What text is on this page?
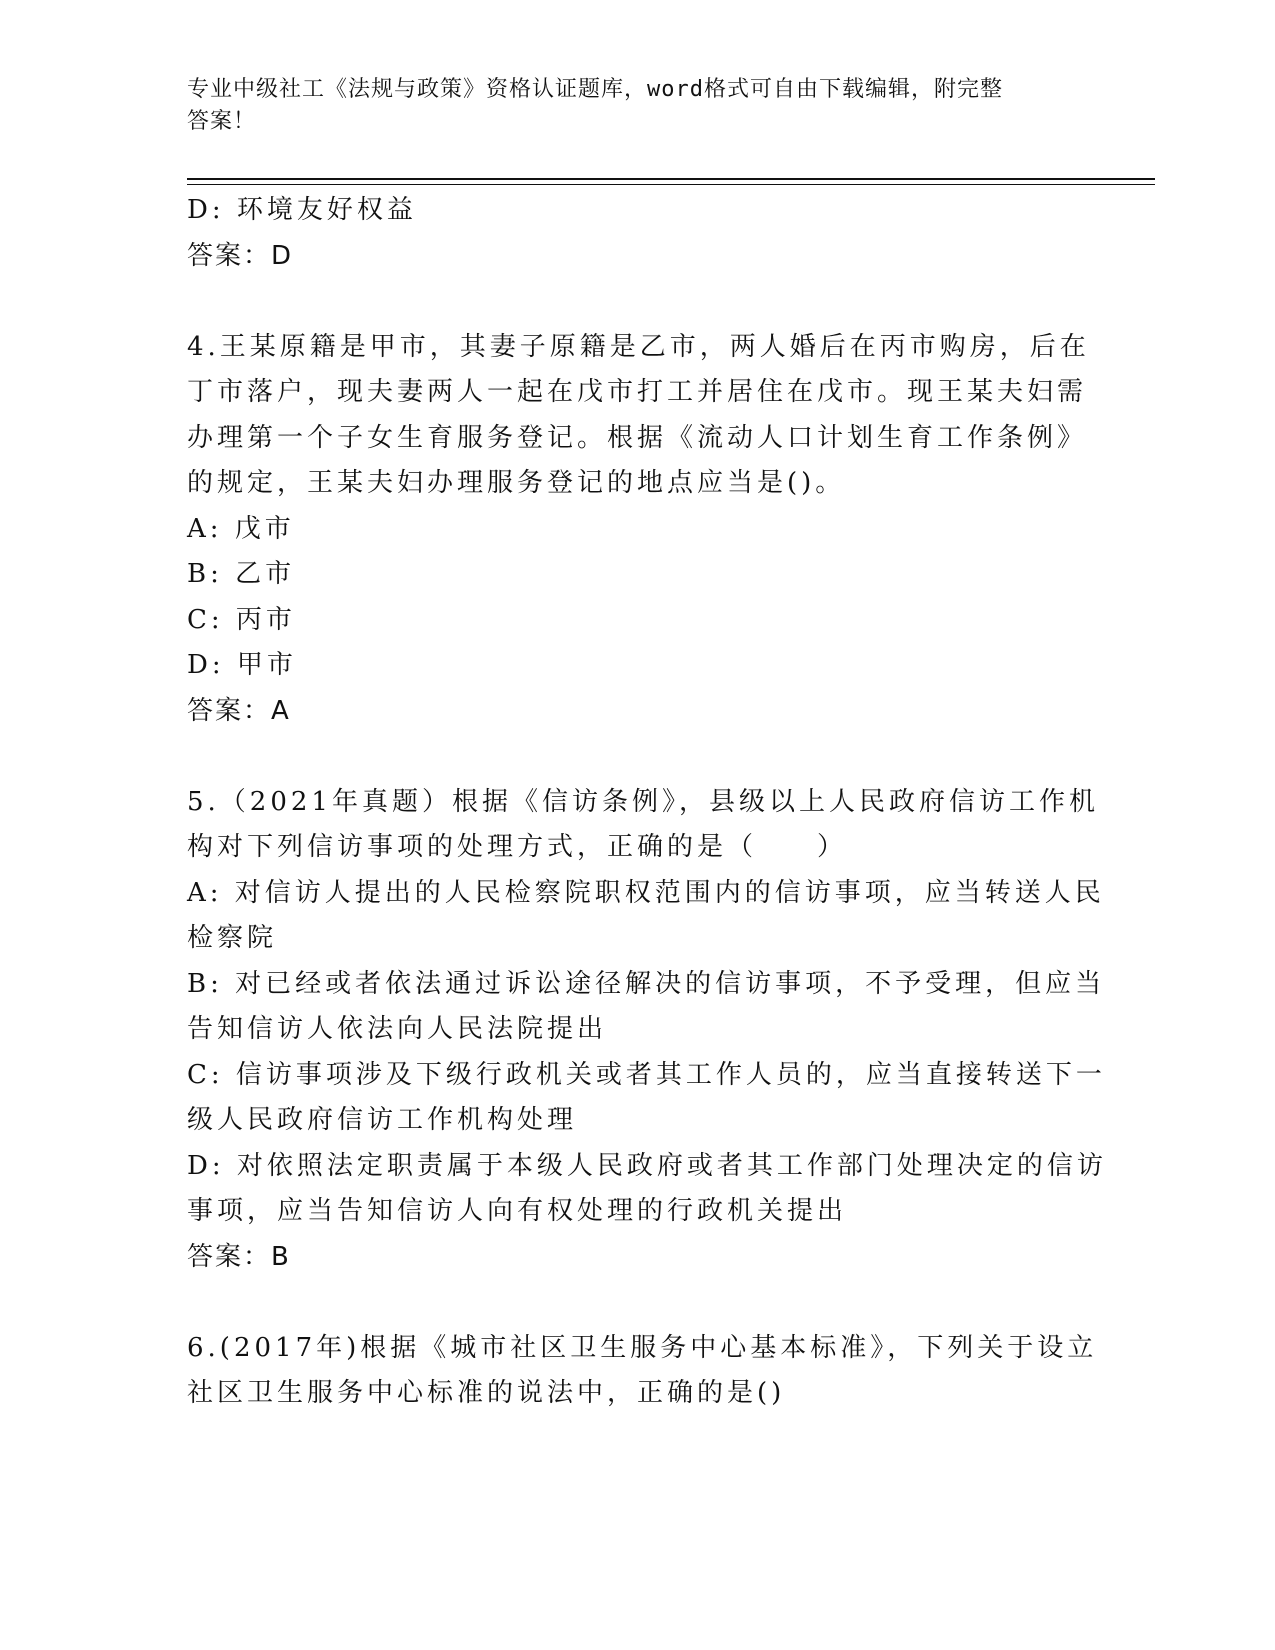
专业中级社工《法规与政策》资格认证题库，word格式可自由下载编辑，附完整
答案！
D: 环境友好权益
答案：D
4.王某原籍是甲市，其妻子原籍是乙市，两人婚后在丙市购房，后在
丁市落户，现夫妻两人一起在戊市打工并居住在戊市。现王某夫妇需
办理第一个子女生育服务登记。根据《流动人口计划生育工作条例》
的规定，王某夫妇办理服务登记的地点应当是()。
A: 戊市
B: 乙市
C: 丙市
D: 甲市
答案：A
5.（2021年真题）根据《信访条例》，县级以上人民政府信访工作机
构对下列信访事项的处理方式，正确的是（　　）
A: 对信访人提出的人民检察院职权范围内的信访事项，应当转送人民
检察院
B: 对已经或者依法通过诉讼途径解决的信访事项，不予受理，但应当
告知信访人依法向人民法院提出
C: 信访事项涉及下级行政机关或者其工作人员的，应当直接转送下一
级人民政府信访工作机构处理
D: 对依照法定职责属于本级人民政府或者其工作部门处理决定的信访
事项，应当告知信访人向有权处理的行政机关提出
答案：B
6.(2017年)根据《城市社区卫生服务中心基本标准》，下列关于设立
社区卫生服务中心标准的说法中，正确的是()
